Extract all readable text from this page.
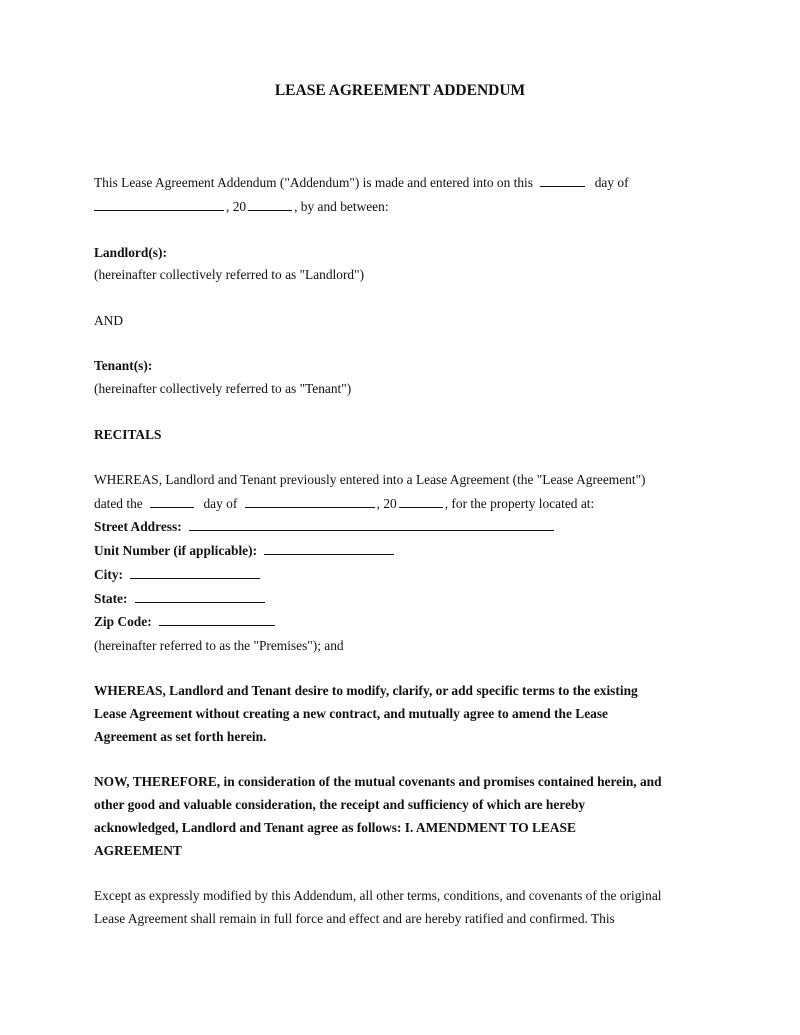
LEASE AGREEMENT ADDENDUM
This Lease Agreement Addendum ("Addendum") is made and entered into on this	day of
, 20	, by and between:
Landlord(s):
(hereinafter collectively referred to as "Landlord")
AND
Tenant(s):
(hereinafter collectively referred to as "Tenant")
RECITALS
WHEREAS, Landlord and Tenant previously entered into a Lease Agreement (the "Lease Agreement")
dated the	day of	, 20	, for the property located at:
Street Address:
Unit Number (if applicable):
City:
State:
Zip Code:
(hereinafter referred to as the "Premises"); and
WHEREAS, Landlord and Tenant desire to modify, clarify, or add specific terms to the existing
Lease Agreement without creating a new contract, and mutually agree to amend the Lease
Agreement as set forth herein.
NOW, THEREFORE, in consideration of the mutual covenants and promises contained herein, and
other good and valuable consideration, the receipt and sufficiency of which are hereby
acknowledged, Landlord and Tenant agree as follows: I. AMENDMENT TO LEASE
AGREEMENT
Except as expressly modified by this Addendum, all other terms, conditions, and covenants of the original
Lease Agreement shall remain in full force and effect and are hereby ratified and confirmed. This
